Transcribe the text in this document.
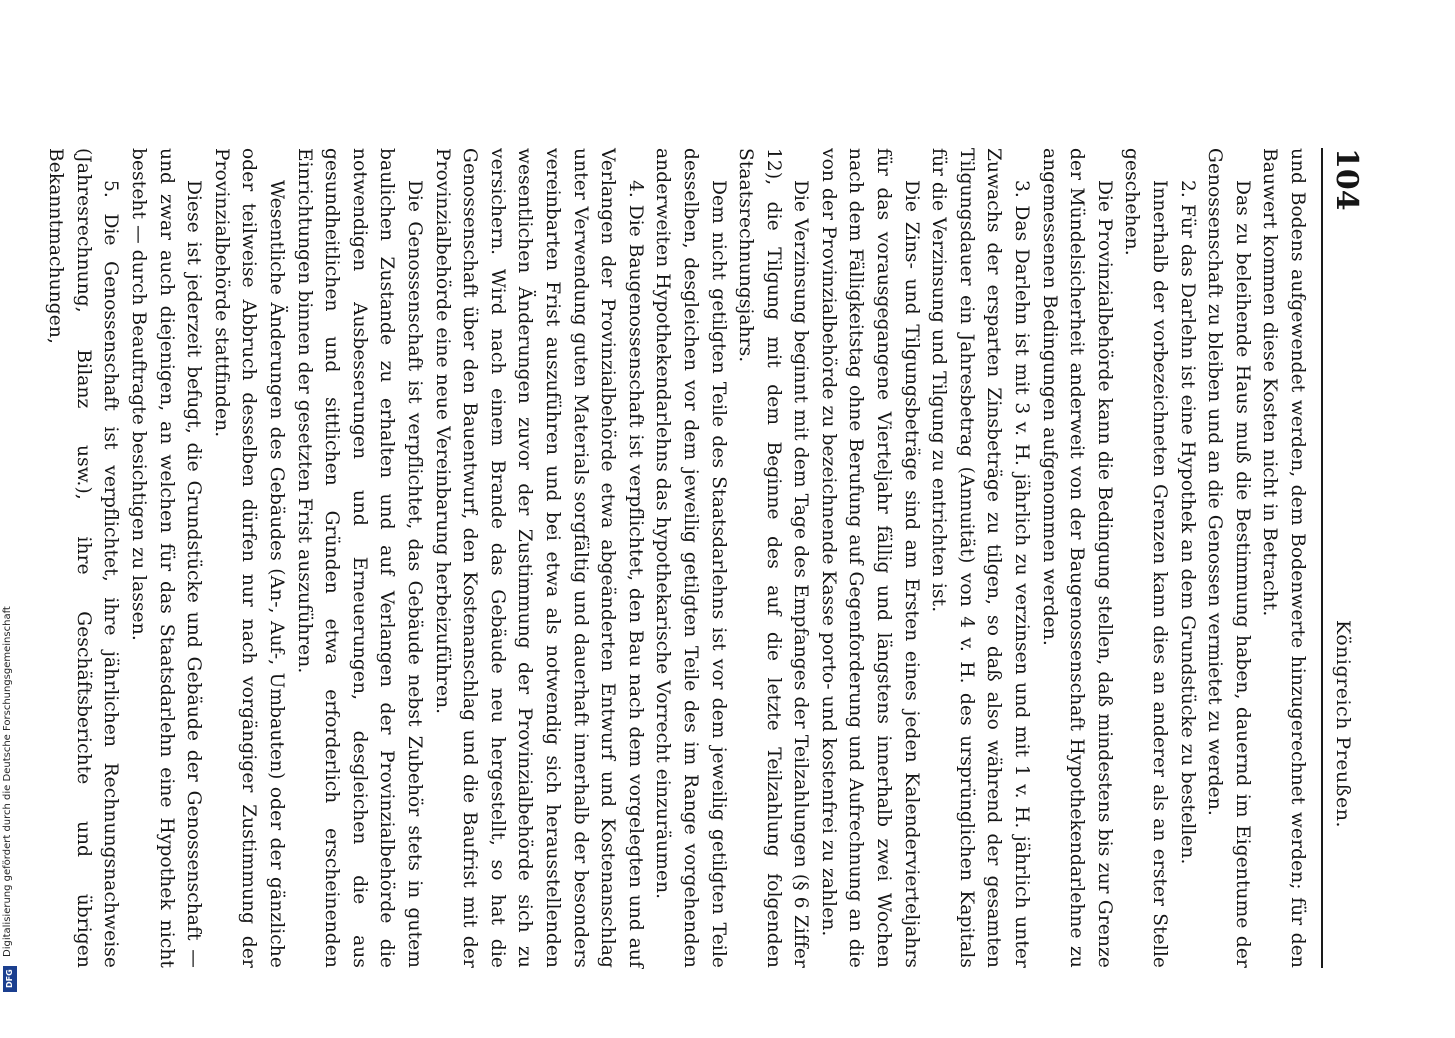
104
Königreich Preußen.

und Bodens aufgewendet werden, dem Bodenwerte hinzugerechnet werden; für den Bauwert kommen diese Kosten nicht in Betracht.

Das zu beleihende Haus muß die Bestimmung haben, dauernd im Eigentume der Genossenschaft zu bleiben und an die Genossen vermietet zu werden.

2. Für das Darlehn ist eine Hypothek an dem Grundstücke zu bestellen.

Innerhalb der vorbezeichneten Grenzen kann dies an anderer als an erster Stelle geschehen.

Die Provinzialbehörde kann die Bedingung stellen, daß mindestens bis zur Grenze der Mündelsicherheit anderweit von der Baugenossenschaft Hypothekendarlehne zu angemessenen Bedingungen aufgenommen werden.

3. Das Darlehn ist mit 3 v. H. jährlich zu verzinsen und mit 1 v. H. jährlich unter Zuwachs der ersparten Zinsbeträge zu tilgen, so daß also während der gesamten Tilgungsdauer ein Jahresbetrag (Annuität) von 4 v. H. des ursprünglichen Kapitals für die Verzinsung und Tilgung zu entrichten ist.

Die Zins- und Tilgungsbeträge sind am Ersten eines jeden Kalendervierteljahrs für das vorausgegangene Vierteljahr fällig und längstens innerhalb zwei Wochen nach dem Fälligkeitstag ohne Berufung auf Gegenforderung und Aufrechnung an die von der Provinzialbehörde zu bezeichnende Kasse porto- und kostenfrei zu zahlen.

Die Verzinsung beginnt mit dem Tage des Empfanges der Teilzahlungen (§ 6 Ziffer 12), die Tilgung mit dem Beginne des auf die letzte Teilzahlung folgenden Staatsrechnungsjahrs.

Dem nicht getilgten Teile des Staatsdarlehns ist vor dem jeweilig getilgten Teile desselben, desgleichen vor dem jeweilig getilgten Teile des im Range vorgehenden anderweiten Hypothekendarlehns das hypothekarische Vorrecht einzuräumen.

4. Die Baugenossenschaft ist verpflichtet, den Bau nach dem vorgelegten und auf Verlangen der Provinzialbehörde etwa abgeänderten Entwurf und Kostenanschlag unter Verwendung guten Materials sorgfältig und dauerhaft innerhalb der besonders vereinbarten Frist auszuführen und bei etwa als notwendig sich herausstellenden wesentlichen Änderungen zuvor der Zustimmung der Provinzialbehörde sich zu versichern. Wird nach einem Brande das Gebäude neu hergestellt, so hat die Genossenschaft über den Bauentwurf, den Kostenanschlag und die Baufrist mit der Provinzialbehörde eine neue Vereinbarung herbeizuführen.

Die Genossenschaft ist verpflichtet, das Gebäude nebst Zubehör stets in gutem baulichen Zustande zu erhalten und auf Verlangen der Provinzialbehörde die notwendigen Ausbesserungen und Erneuerungen, desgleichen die aus gesundheitlichen und sittlichen Gründen etwa erforderlich erscheinenden Einrichtungen binnen der gesetzten Frist auszuführen.

Wesentliche Änderungen des Gebäudes (An-, Auf-, Umbauten) oder der gänzliche oder teilweise Abbruch desselben dürfen nur nach vorgängiger Zustimmung der Provinzialbehörde stattfinden.

Diese ist jederzeit befugt, die Grundstücke und Gebäude der Genossenschaft — und zwar auch diejenigen, an welchen für das Staatsdarlehn eine Hypothek nicht besteht — durch Beauftragte besichtigen zu lassen.

5. Die Genossenschaft ist verpflichtet, ihre jährlichen Rechnungsnachweise (Jahresrechnung, Bilanz usw.), ihre Geschäftsberichte und übrigen Bekanntmachungen,

Digitalisierung gefördert durch die Deutsche Forschungsgemeinschaft
DFG
